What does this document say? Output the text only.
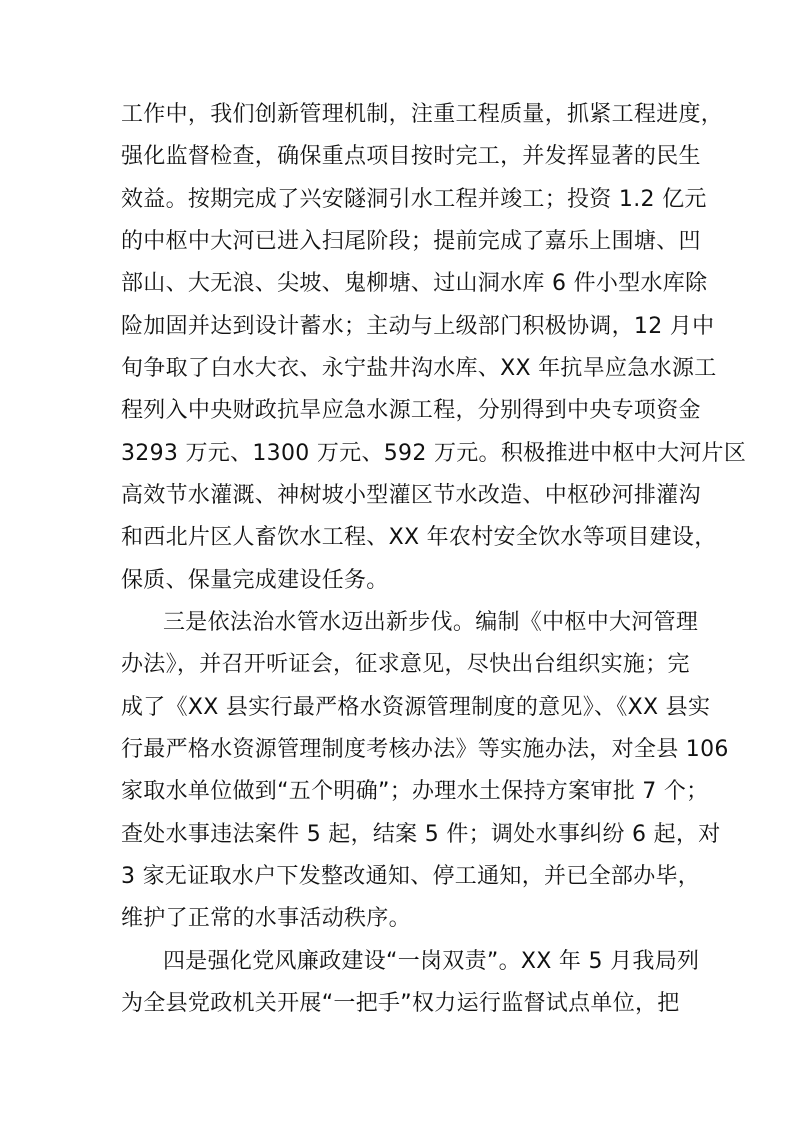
工作中，我们创新管理机制，注重工程质量，抓紧工程进度，
强化监督检查，确保重点项目按时完工，并发挥显著的民生
效益。按期完成了兴安隧洞引水工程并竣工；投资 1.2 亿元
的中枢中大河已进入扫尾阶段；提前完成了嘉乐上围塘、凹
部山、大无浪、尖坡、鬼柳塘、过山洞水库 6 件小型水库除
险加固并达到设计蓄水；主动与上级部门积极协调，12 月中
旬争取了白水大衣、永宁盐井沟水库、XX 年抗旱应急水源工
程列入中央财政抗旱应急水源工程，分别得到中央专项资金
3293 万元、1300 万元、592 万元。积极推进中枢中大河片区
高效节水灌溉、神树坡小型灌区节水改造、中枢砂河排灌沟
和西北片区人畜饮水工程、XX 年农村安全饮水等项目建设，
保质、保量完成建设任务。
三是依法治水管水迈出新步伐。编制《中枢中大河管理
办法》，并召开听证会，征求意见，尽快出台组织实施；完
成了《XX 县实行最严格水资源管理制度的意见》、《XX 县实
行最严格水资源管理制度考核办法》等实施办法，对全县 106
家取水单位做到“五个明确”；办理水土保持方案审批 7 个；
查处水事违法案件 5 起，结案 5 件；调处水事纠纷 6 起，对
3 家无证取水户下发整改通知、停工通知，并已全部办毕，
维护了正常的水事活动秩序。
四是强化党风廉政建设“一岗双责”。XX 年 5 月我局列
为全县党政机关开展“一把手”权力运行监督试点单位，把
